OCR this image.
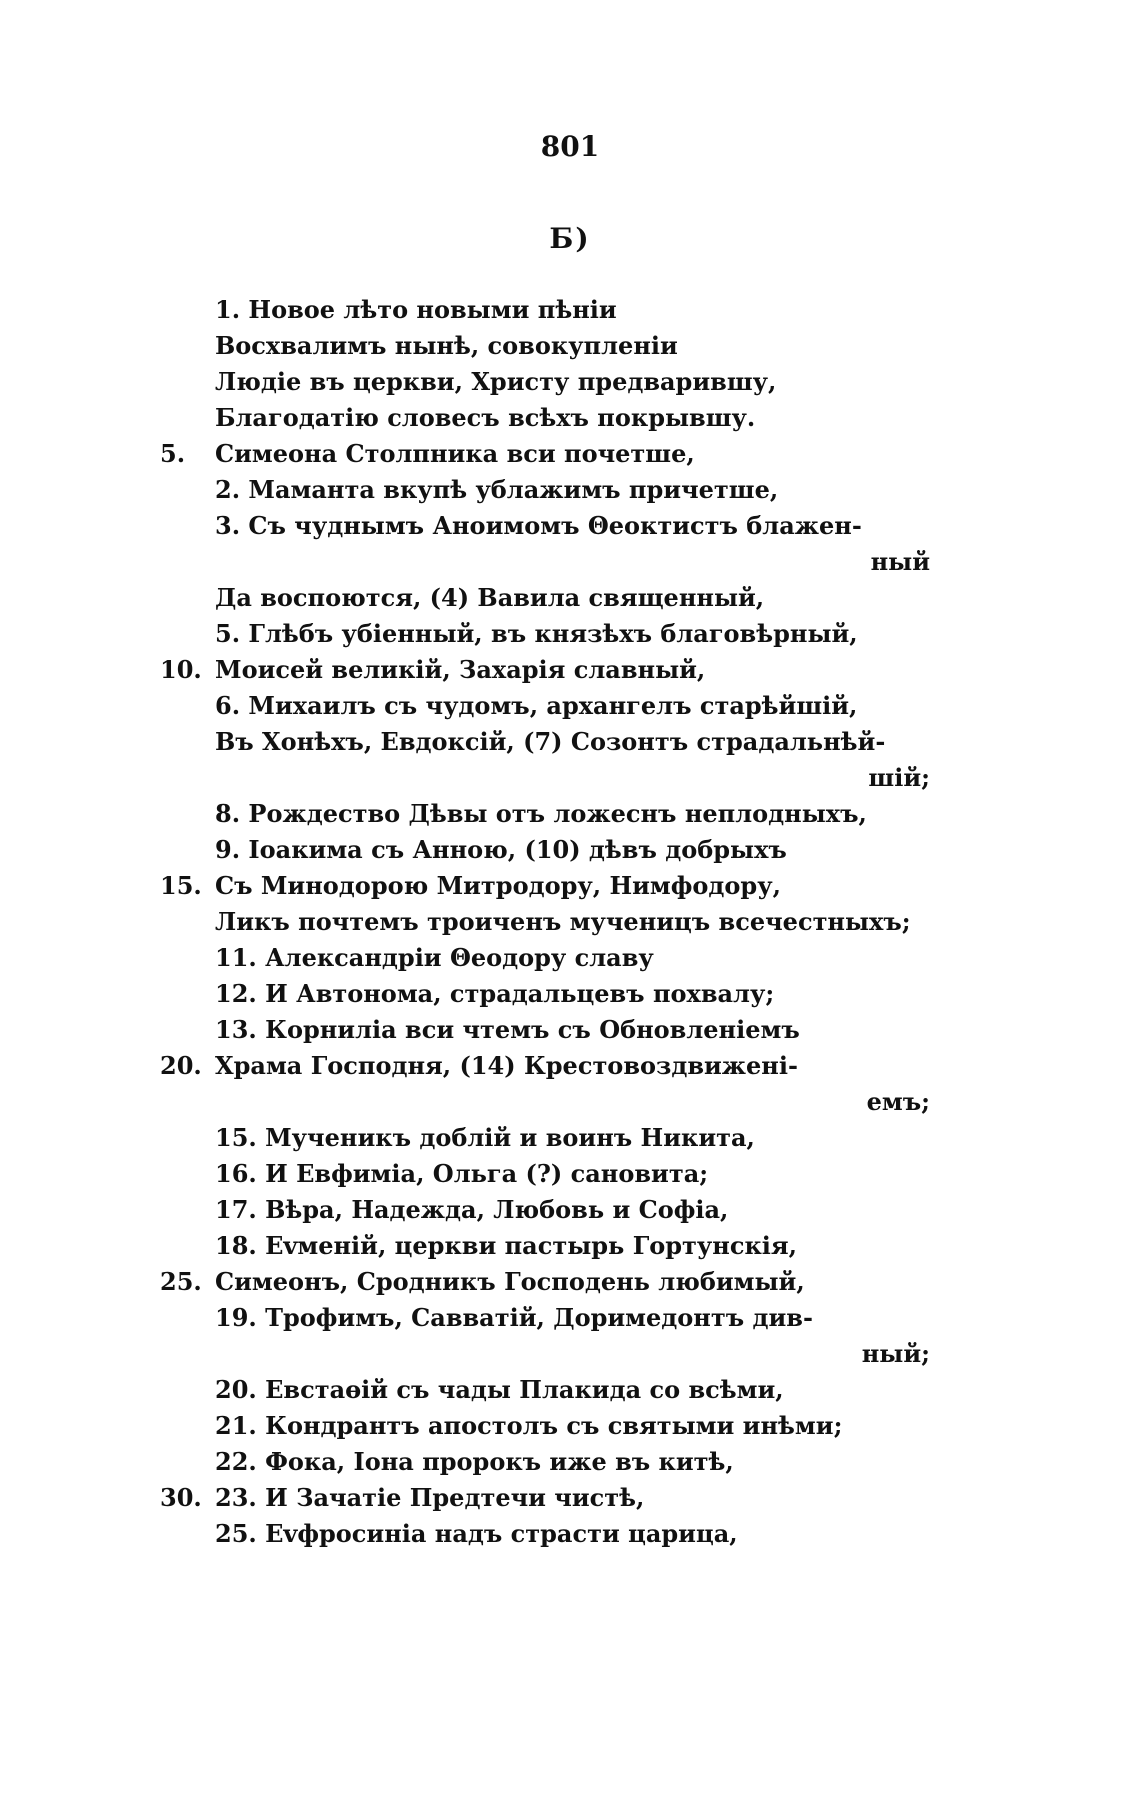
801
Б)
1. Новое лѣто новыми пѣніи
Восхвалимъ нынѣ, совокупленіи
Людіе въ церкви, Христу предварившу,
Благодатію словесъ всѣхъ покрывшу.
5. Симеона Столпника вси почетше,
2. Маманта вкупѣ ублажимъ причетше,
3. Съ чуднымъ Аноимомъ Θеоктистъ блажен-
ный
Да воспоются, (4) Вавила священный,
5. Глѣбъ убіенный, въ князѣхъ благовѣрный,
10. Моисей великій, Захарія славный,
6. Михаилъ съ чудомъ, архангелъ старѣйшій,
Въ Хонѣхъ, Евдоксій, (7) Созонтъ страдальнѣй-
шій;
8. Рождество Дѣвы отъ ложеснъ неплодныхъ,
9. Іоакима съ Анною, (10) дѣвъ добрыхъ
15. Съ Минодорою Митродору, Нимфодору,
Ликъ почтемъ троиченъ мученицъ всечестныхъ;
11. Александріи Θеодору славу
12. И Автонома, страдальцевъ похвалу;
13. Корниліа вси чтемъ съ Обновленіемъ
20. Храма Господня, (14) Крестовоздвиженi-
емъ;
15. Мученикъ доблій и воинъ Никита,
16. И Евфиміа, Ольга (?) сановита;
17. Вѣра, Надежда, Любовь и Софіа,
18. Еvменій, церкви пастырь Гортунскія,
25. Симеонъ, Сродникъ Господень любимый,
19. Трофимъ, Савватій, Доримедонтъ див-
ный;
20. Евстаөій съ чады Плакида со всѣми,
21. Кондрантъ апостолъ съ святыми инѣми;
22. Фока, Іона пророкъ иже въ китѣ,
30. 23. И Зачатіе Предтечи чистѣ,
25. Еvфросиніа надъ страсти царица,
